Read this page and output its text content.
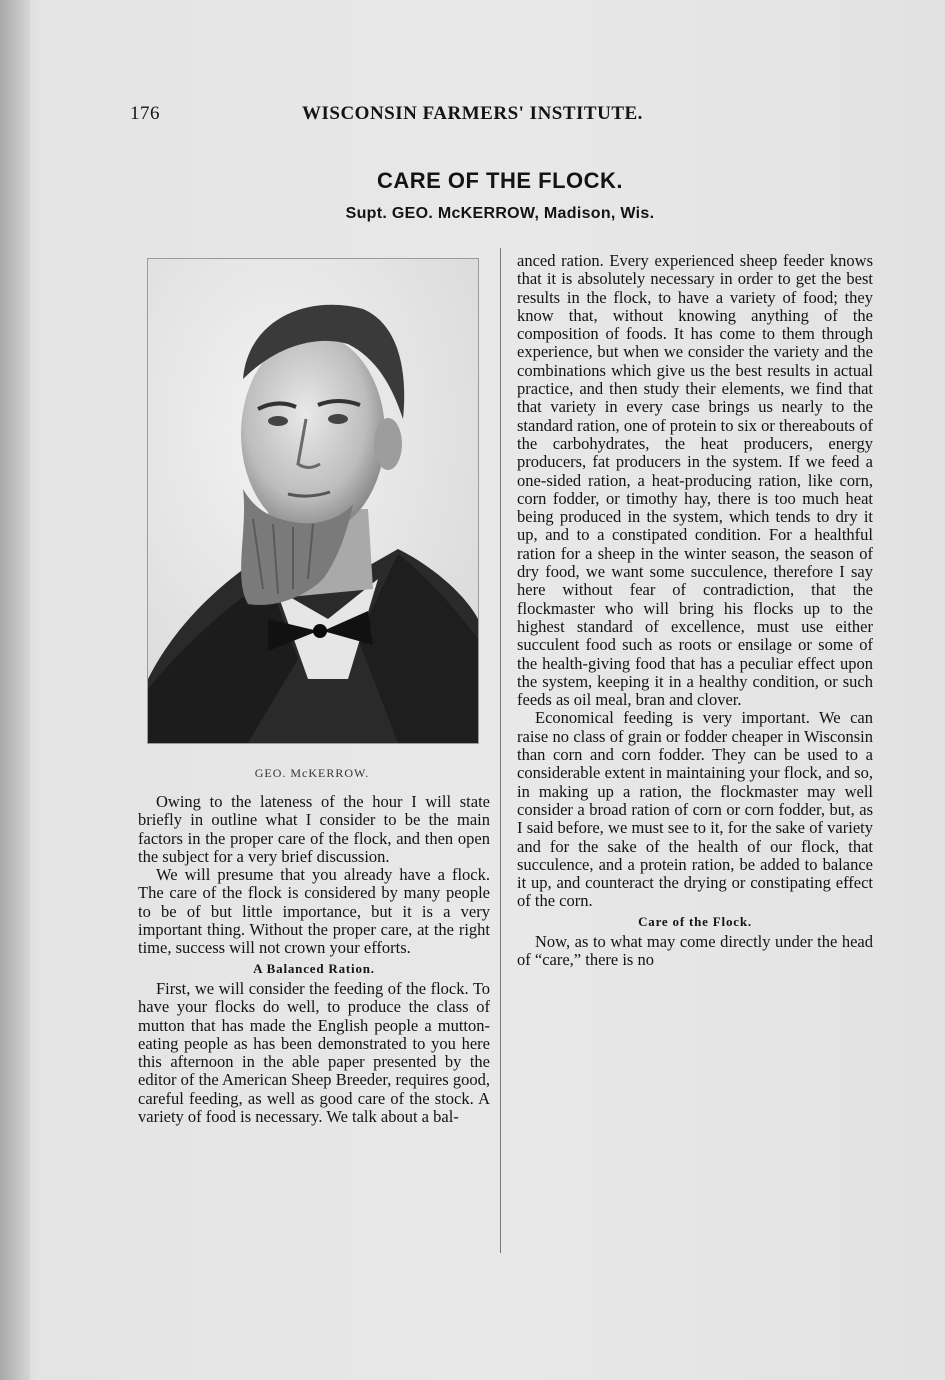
176	WISCONSIN FARMERS' INSTITUTE.
CARE OF THE FLOCK.
Supt. GEO. McKERROW, Madison, Wis.
GEO. McKERROW.

Owing to the lateness of the hour I will state briefly in outline what I consider to be the main factors in the proper care of the flock, and then open the subject for a very brief discussion.

We will presume that you already have a flock. The care of the flock is considered by many people to be of but little importance, but it is a very important thing. Without the proper care, at the right time, success will not crown your efforts.

A Balanced Ration.

First, we will consider the feeding of the flock. To have your flocks do well, to produce the class of mutton that has made the English people a mutton-eating people as has been demonstrated to you here this afternoon in the able paper presented by the editor of the American Sheep Breeder, requires good, careful feeding, as well as good care of the stock. A variety of food is necessary. We talk about a bal-

anced ration. Every experienced sheep feeder knows that it is absolutely necessary in order to get the best results in the flock, to have a variety of food; they know that, without knowing anything of the composition of foods. It has come to them through experience, but when we consider the variety and the combinations which give us the best results in actual practice, and then study their elements, we find that that variety in every case brings us nearly to the standard ration, one of protein to six or thereabouts of the carbohydrates, the heat producers, energy producers, fat producers in the system. If we feed a one-sided ration, a heat-producing ration, like corn, corn fodder, or timothy hay, there is too much heat being produced in the system, which tends to dry it up, and to a constipated condition. For a healthful ration for a sheep in the winter season, the season of dry food, we want some succulence, therefore I say here without fear of contradiction, that the flockmaster who will bring his flocks up to the highest standard of excellence, must use either succulent food such as roots or ensilage or some of the health-giving food that has a peculiar effect upon the system, keeping it in a healthy condition, or such feeds as oil meal, bran and clover.

Economical feeding is very important. We can raise no class of grain or fodder cheaper in Wisconsin than corn and corn fodder. They can be used to a considerable extent in maintaining your flock, and so, in making up a ration, the flockmaster may well consider a broad ration of corn or corn fodder, but, as I said before, we must see to it, for the sake of variety and for the sake of the health of our flock, that succulence, and a protein ration, be added to balance it up, and counteract the drying or constipating effect of the corn.

Care of the Flock.

Now, as to what may come directly under the head of “care,” there is no
